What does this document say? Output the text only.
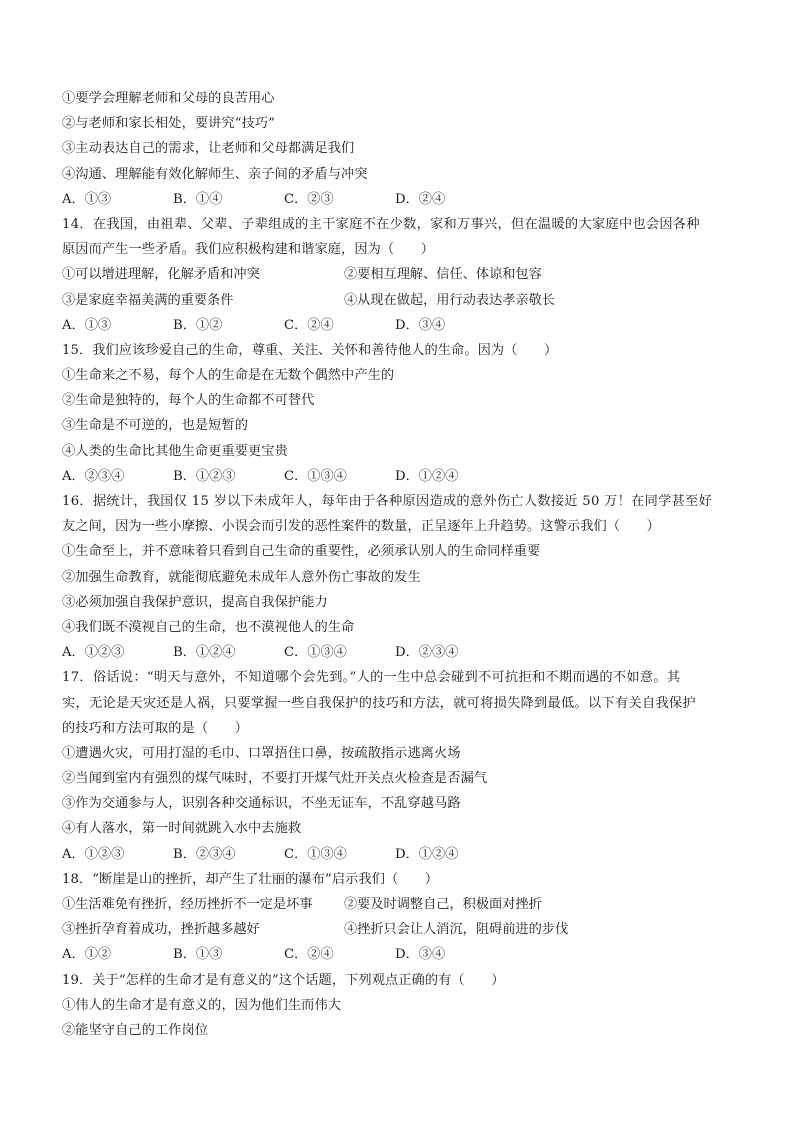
①要学会理解老师和父母的良苦用心
②与老师和家长相处，要讲究“技巧”
③主动表达自己的需求，让老师和父母都满足我们
④沟通、理解能有效化解师生、亲子间的矛盾与冲突
A．①③	B．①④	C．②③	D．②④
14．在我国，由祖辈、父辈、子辈组成的主干家庭不在少数，家和万事兴，但在温暖的大家庭中也会因各种
原因而产生一些矛盾。我们应积极构建和谐家庭，因为（　　）
①可以增进理解，化解矛盾和冲突	②要相互理解、信任、体谅和包容
③是家庭幸福美满的重要条件	④从现在做起，用行动表达孝亲敬长
A．①③	B．①②	C．②④	D．③④
15．我们应该珍爱自己的生命，尊重、关注、关怀和善待他人的生命。因为（　　）
①生命来之不易，每个人的生命是在无数个偶然中产生的
②生命是独特的，每个人的生命都不可替代
③生命是不可逆的，也是短暂的
④人类的生命比其他生命更重要更宝贵
A．②③④	B．①②③	C．①③④	D．①②④
16．据统计，我国仅 15 岁以下未成年人，每年由于各种原因造成的意外伤亡人数接近 50 万！在同学甚至好
友之间，因为一些小摩擦、小误会而引发的恶性案件的数量，正呈逐年上升趋势。这警示我们（　　）
①生命至上，并不意味着只看到自己生命的重要性，必须承认别人的生命同样重要
②加强生命教育，就能彻底避免未成年人意外伤亡事故的发生
③必须加强自我保护意识，提高自我保护能力
④我们既不漠视自己的生命，也不漠视他人的生命
A．①②③	B．①②④	C．①③④	D．②③④
17．俗话说：“明天与意外，不知道哪个会先到。”人的一生中总会碰到不可抗拒和不期而遇的不如意。其
实，无论是天灾还是人祸，只要掌握一些自我保护的技巧和方法，就可将损失降到最低。以下有关自我保护
的技巧和方法可取的是（　　）
①遭遇火灾，可用打湿的毛巾、口罩捂住口鼻，按疏散指示逃离火场
②当闻到室内有强烈的煤气味时，不要打开煤气灶开关点火检查是否漏气
③作为交通参与人，识别各种交通标识，不坐无证车，不乱穿越马路
④有人落水，第一时间就跳入水中去施救
A．①②③	B．②③④	C．①③④	D．①②④
18．“断崖是山的挫折，却产生了壮丽的瀑布”启示我们（　　）
①生活难免有挫折，经历挫折不一定是坏事	②要及时调整自己，积极面对挫折
③挫折孕育着成功，挫折越多越好	④挫折只会让人消沉，阻碍前进的步伐
A．①②	B．①③	C．②④	D．③④
19．关于“怎样的生命才是有意义的”这个话题，下列观点正确的有（　　）
①伟人的生命才是有意义的，因为他们生而伟大
②能坚守自己的工作岗位
